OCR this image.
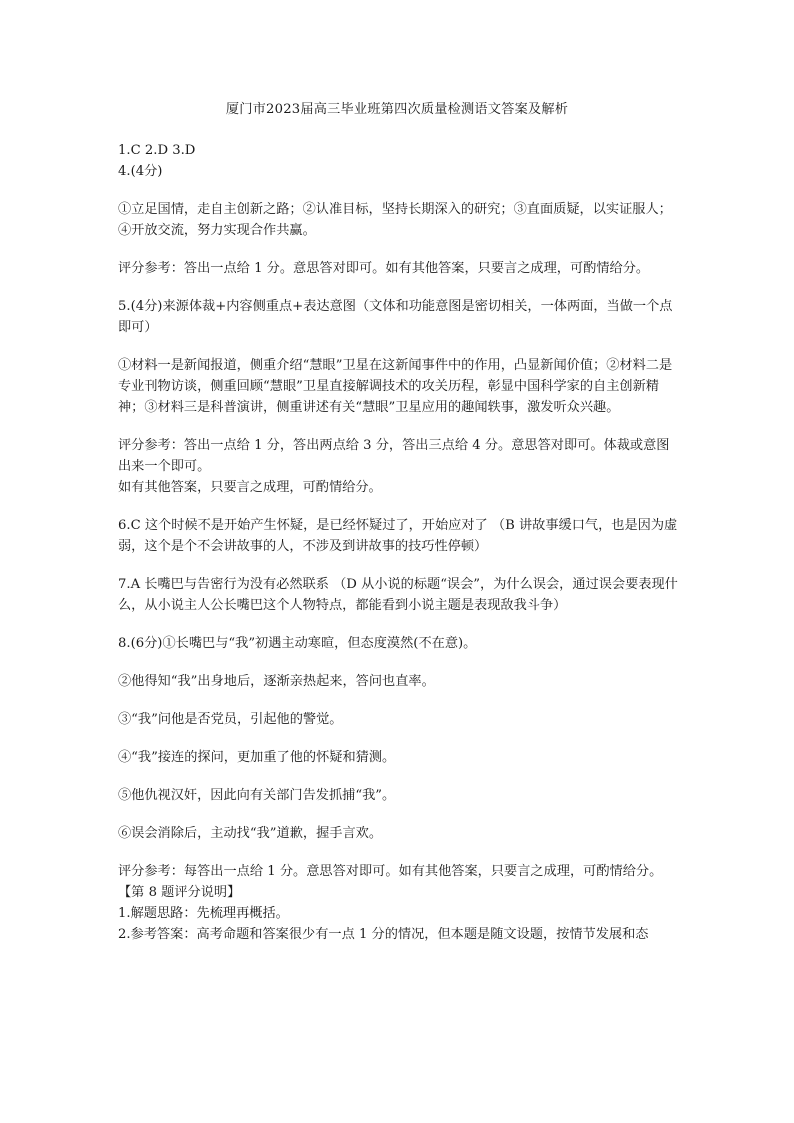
厦门市2023届高三毕业班第四次质量检测语文答案及解析

1.C 2.D 3.D

4.(4分)

①立足国情，走自主创新之路；②认准目标，坚持长期深入的研究；③直面质疑，以实证服人；④开放交流，努力实现合作共赢。

评分参考：答出一点给 1 分。意思答对即可。如有其他答案，只要言之成理，可酌情给分。

5.(4分)来源体裁+内容侧重点+表达意图（文体和功能意图是密切相关，一体两面，当做一个点即可）

①材料一是新闻报道，侧重介绍“慧眼”卫星在这新闻事件中的作用，凸显新闻价值；②材料二是专业刊物访谈，侧重回顾“慧眼”卫星直接解调技术的攻关历程，彰显中国科学家的自主创新精神；③材料三是科普演讲，侧重讲述有关“慧眼”卫星应用的趣闻轶事，激发听众兴趣。

评分参考：答出一点给 1 分，答出两点给 3 分，答出三点给 4 分。意思答对即可。体裁或意图出来一个即可。

如有其他答案，只要言之成理，可酌情给分。

6.C 这个时候不是开始产生怀疑，是已经怀疑过了，开始应对了 （B 讲故事缓口气，也是因为虚弱，这个是个不会讲故事的人，不涉及到讲故事的技巧性停顿）

7.A 长嘴巴与告密行为没有必然联系 （D 从小说的标题“误会”，为什么误会，通过误会要表现什么，从小说主人公长嘴巴这个人物特点，都能看到小说主题是表现敌我斗争）

8.(6分)①长嘴巴与“我”初遇主动寒暄，但态度漠然(不在意)。

②他得知“我”出身地后，逐渐亲热起来，答问也直率。

③“我”问他是否党员，引起他的警觉。

④“我”接连的探问，更加重了他的怀疑和猜测。

⑤他仇视汉奸，因此向有关部门告发抓捕“我”。

⑥误会消除后，主动找“我”道歉，握手言欢。

评分参考：每答出一点给 1 分。意思答对即可。如有其他答案，只要言之成理，可酌情给分。

【第 8 题评分说明】

1.解题思路：先梳理再概括。

2.参考答案：高考命题和答案很少有一点 1 分的情况，但本题是随文设题，按情节发展和态
